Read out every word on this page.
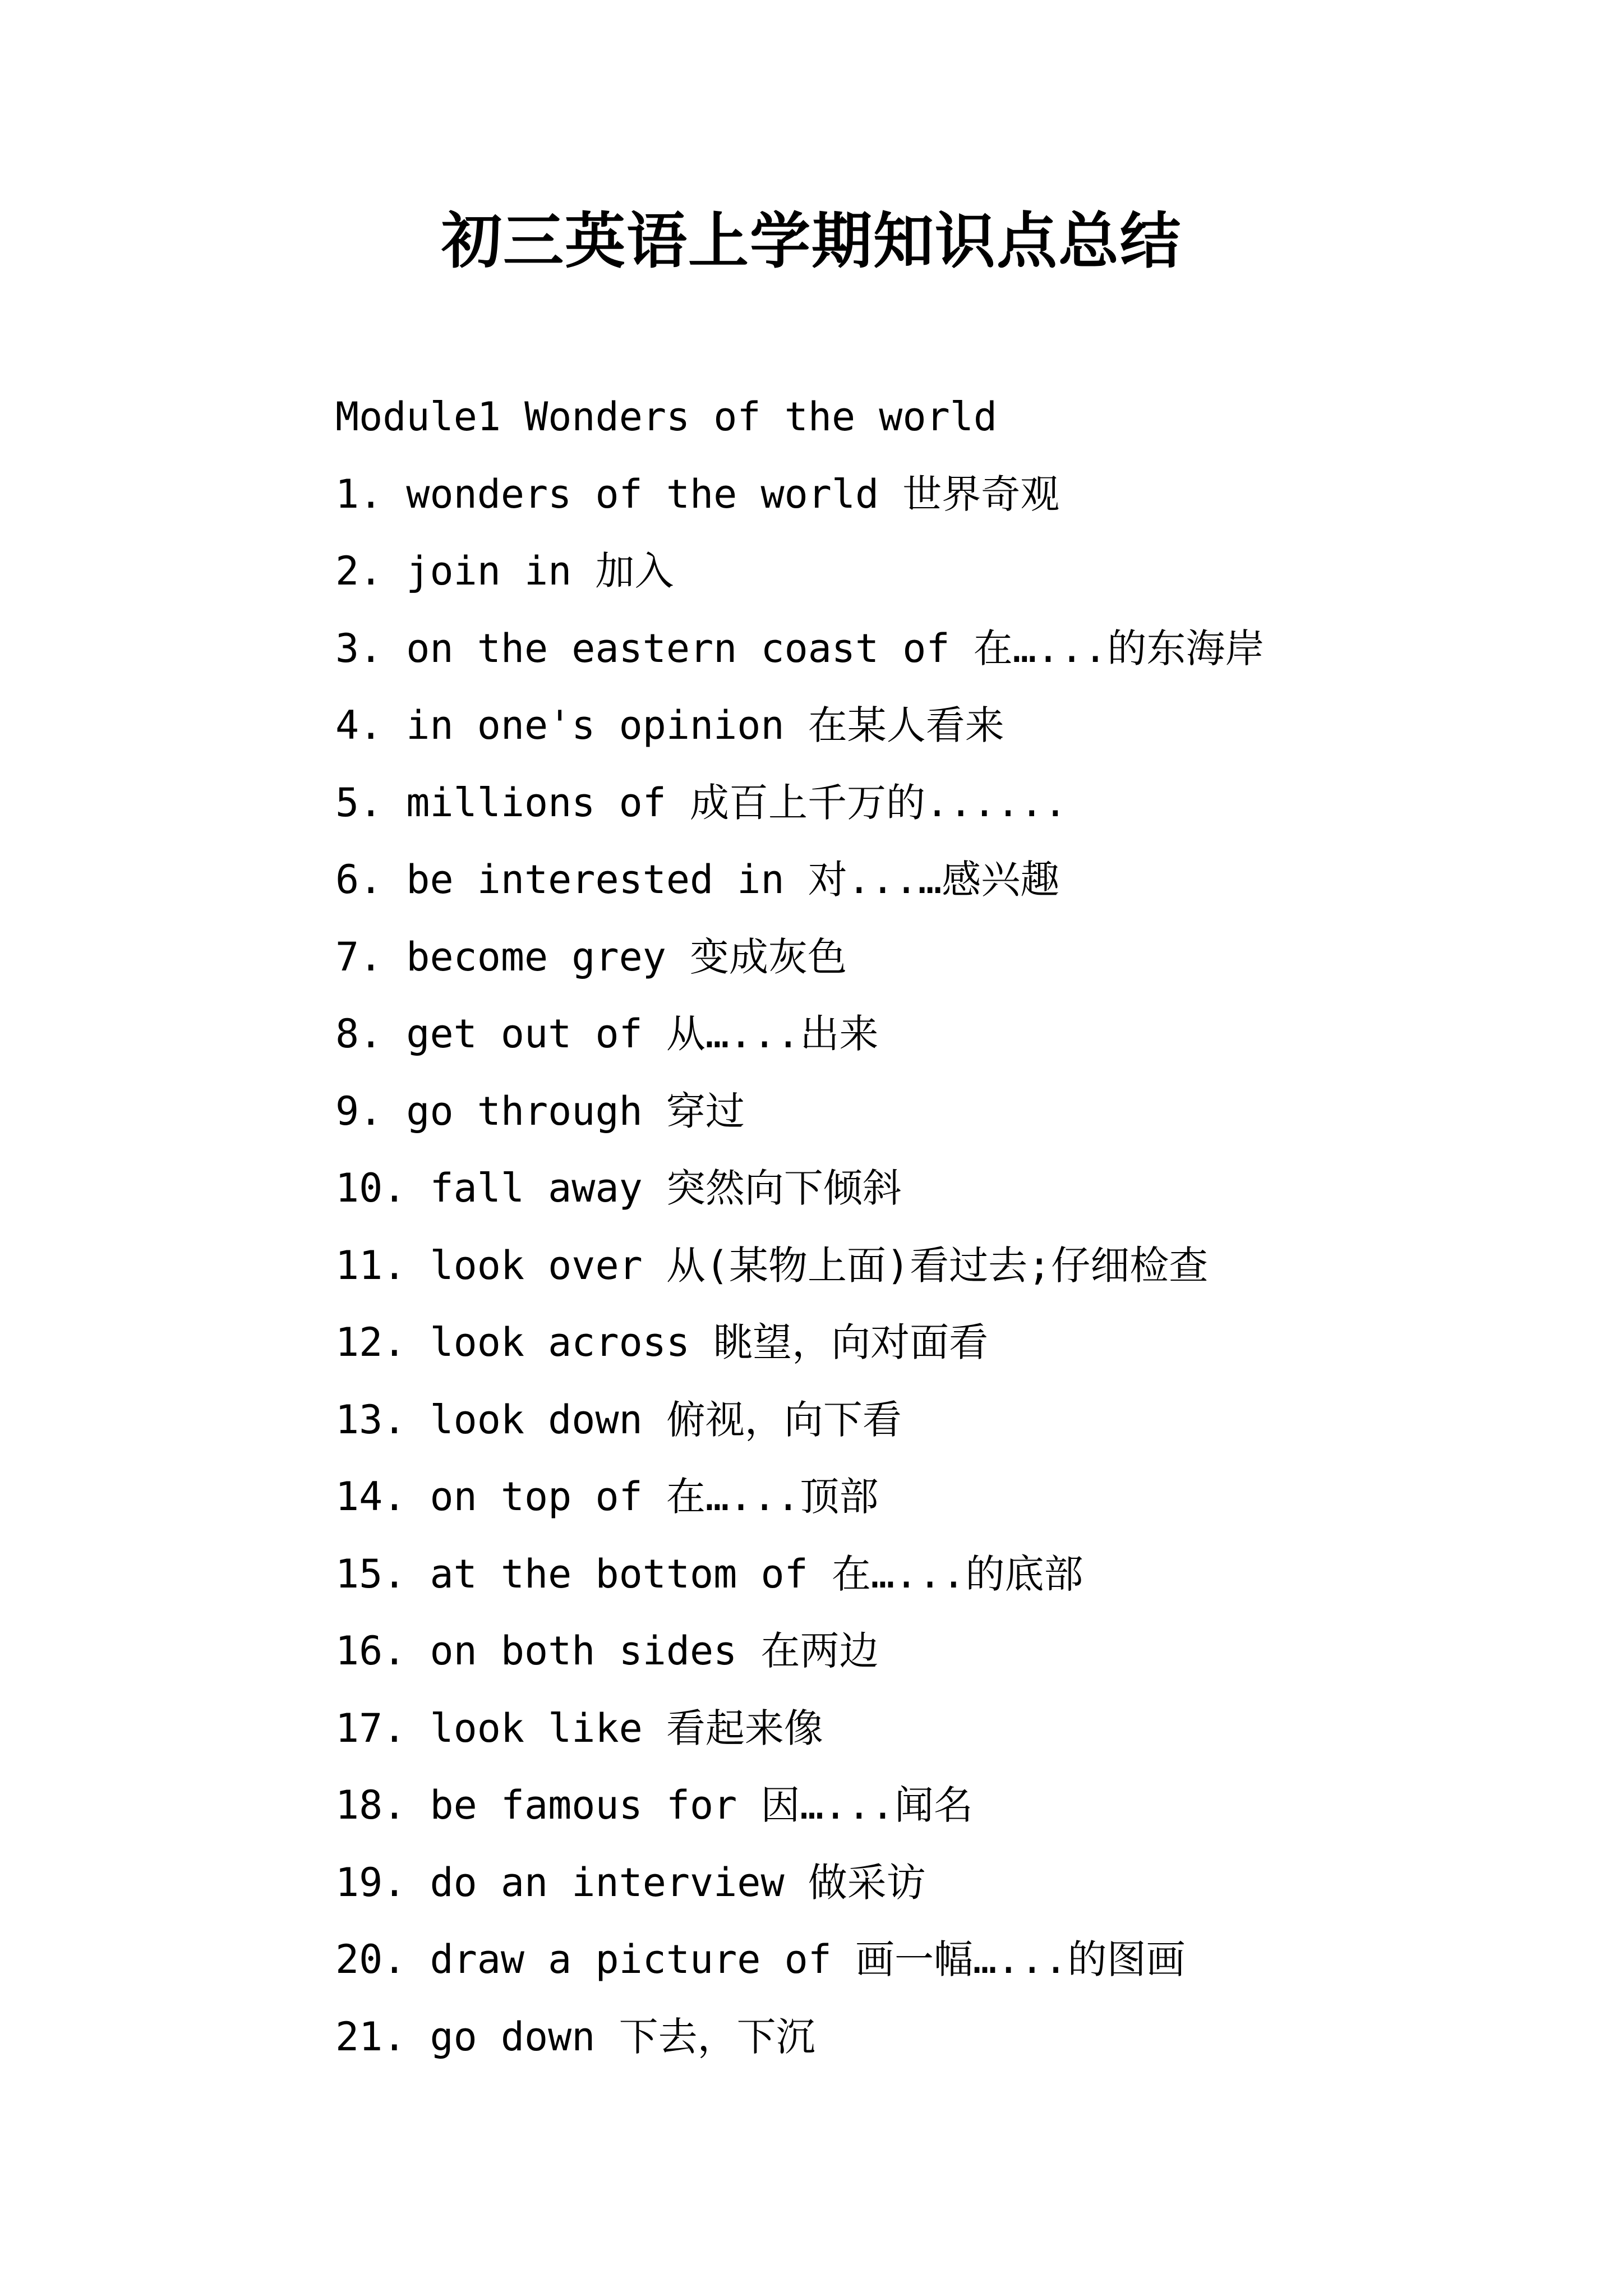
初三英语上学期知识点总结
Module1 Wonders of the world
1. wonders of the world 世界奇观
2. join in 加入
3. on the eastern coast of 在…...的东海岸
4. in one's opinion 在某人看来
5. millions of 成百上千万的......
6. be interested in 对...…感兴趣
7. become grey 变成灰色
8. get out of 从…...出来
9. go through 穿过
10. fall away 突然向下倾斜
11. look over 从(某物上面)看过去;仔细检查
12. look across 眺望，向对面看
13. look down 俯视，向下看
14. on top of 在…...顶部
15. at the bottom of 在…...的底部
16. on both sides 在两边
17. look like 看起来像
18. be famous for 因…...闻名
19. do an interview 做采访
20. draw a picture of 画一幅…...的图画
21. go down 下去，下沉
